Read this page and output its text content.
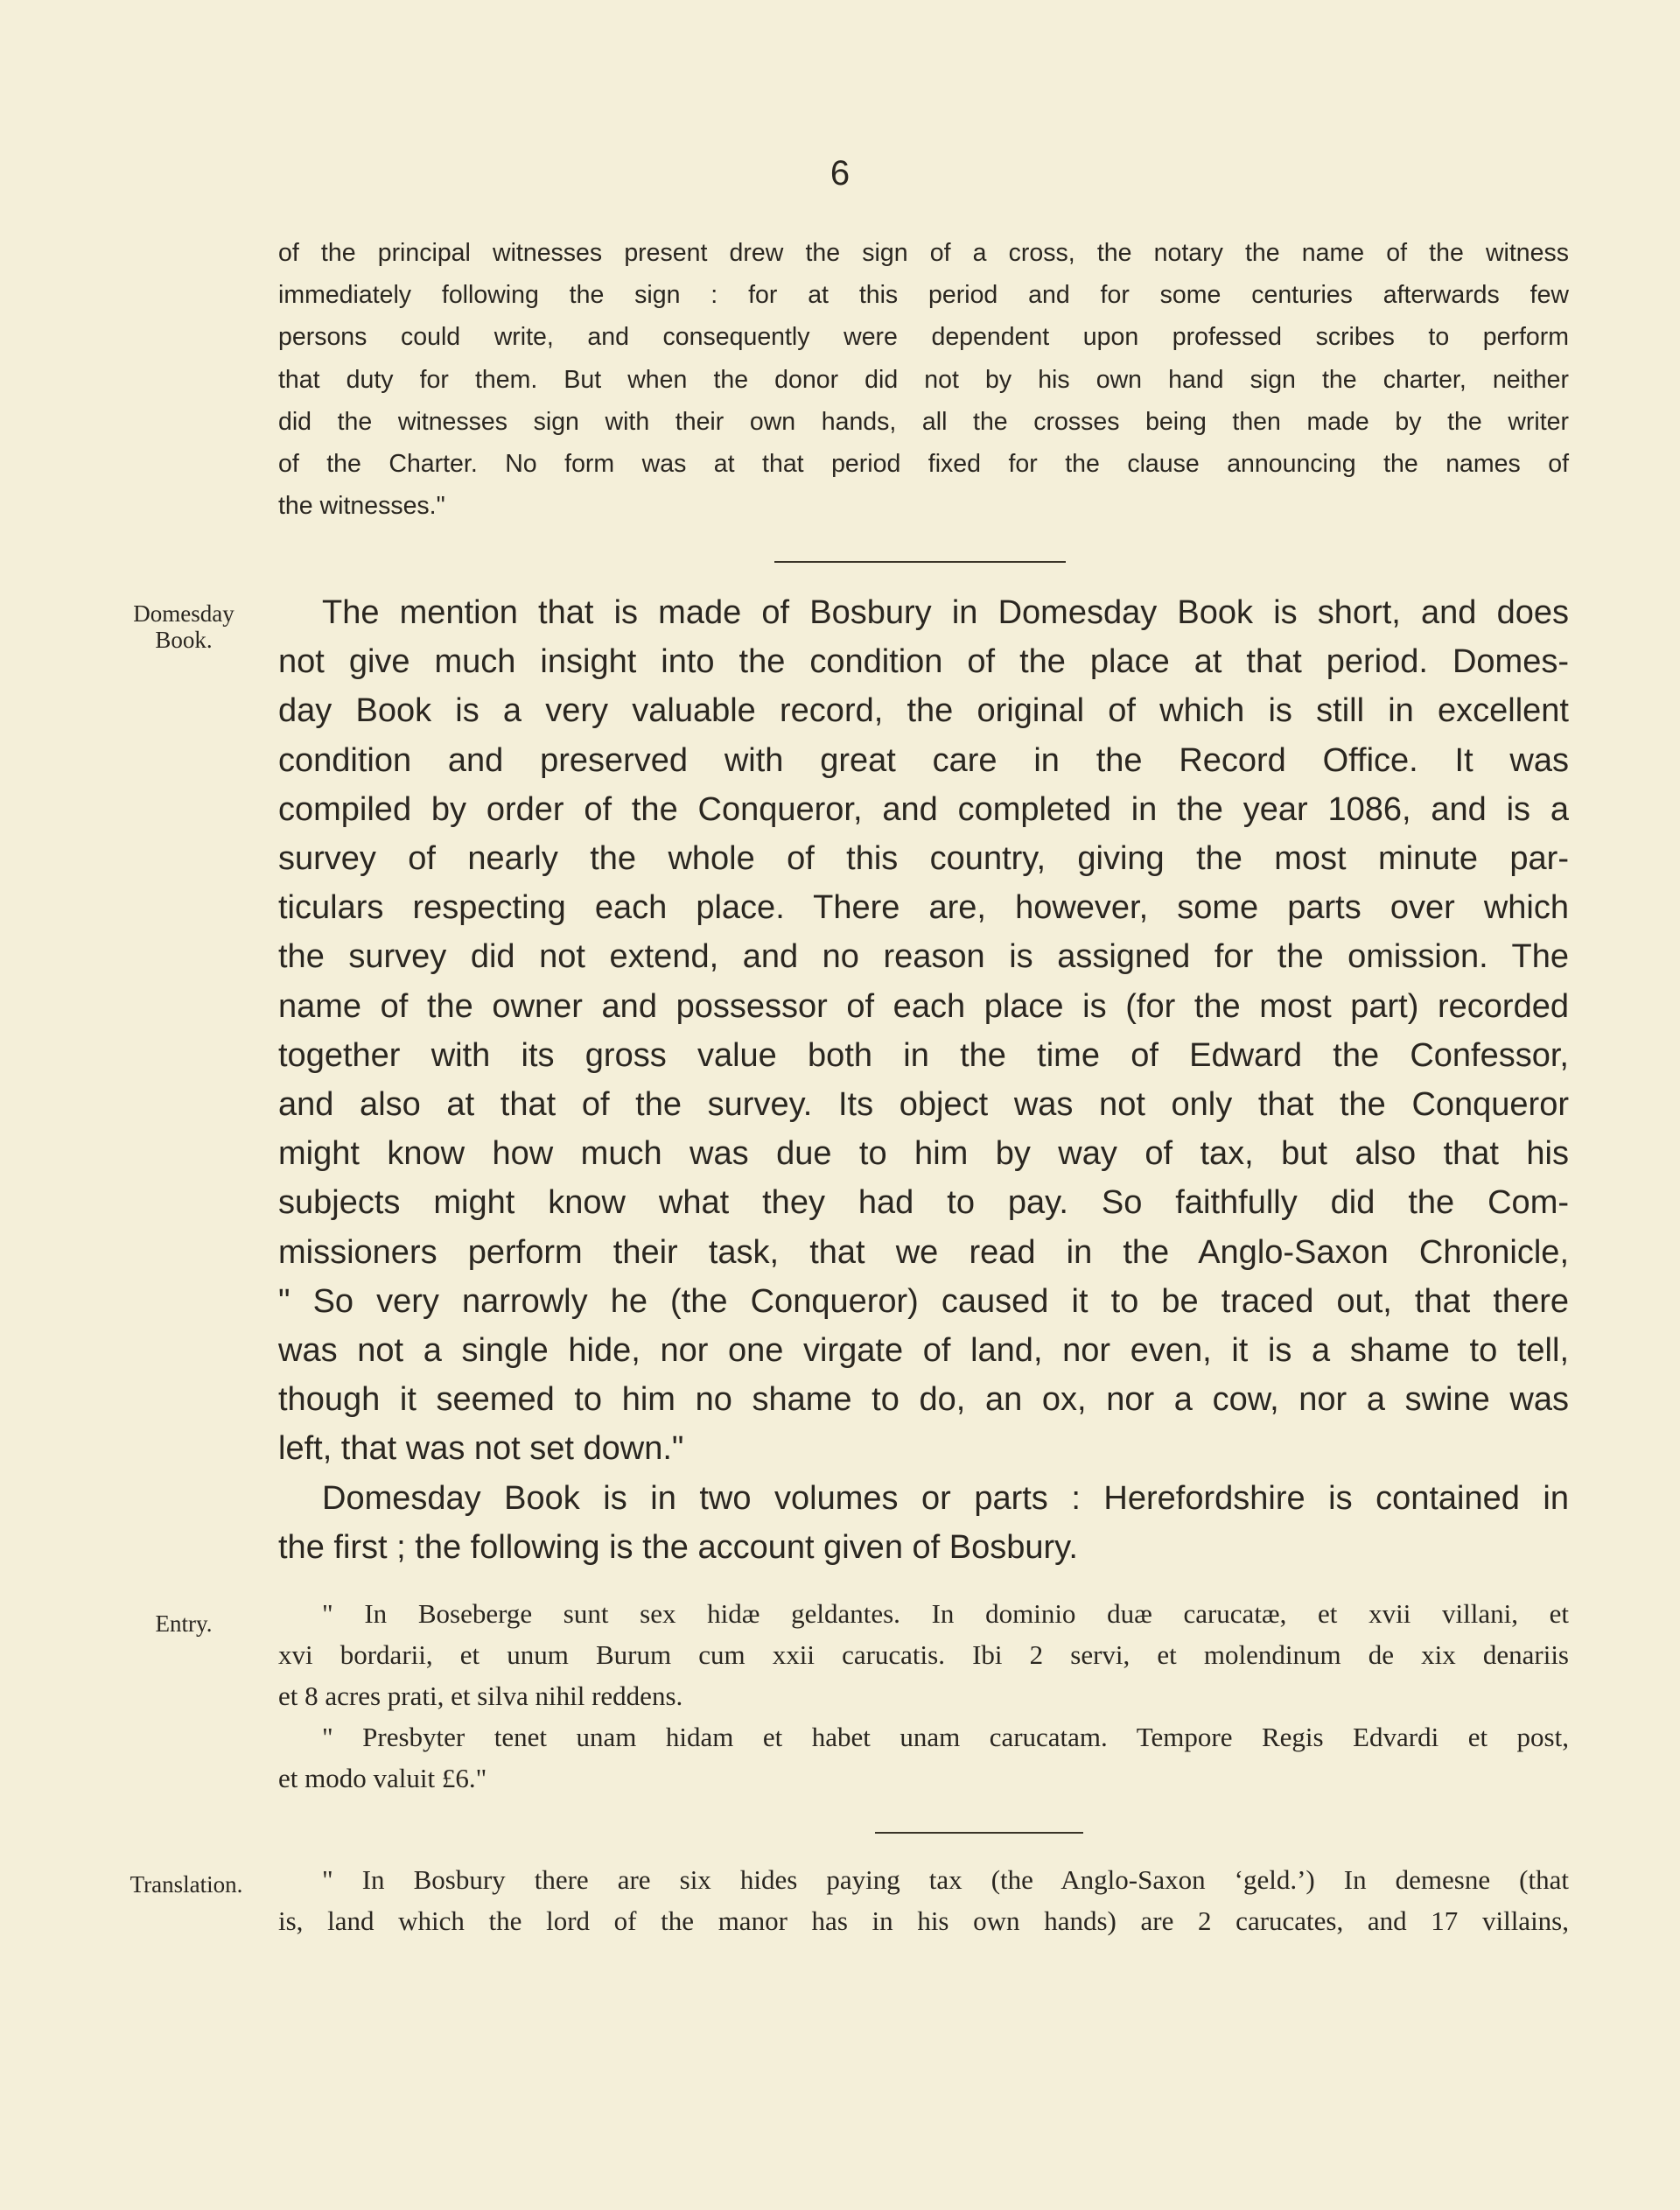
6
of the principal witnesses present drew the sign of a cross, the notary the name of the witness
immediately following the sign : for at this period and for some centuries afterwards few
persons could write, and consequently were dependent upon professed scribes to perform
that duty for them. But when the donor did not by his own hand sign the charter, neither
did the witnesses sign with their own hands, all the crosses being then made by the writer
of the Charter. No form was at that period fixed for the clause announcing the names of
the witnesses."
Domesday
Book.
The mention that is made of Bosbury in Domesday Book is short, and does
not give much insight into the condition of the place at that period. Domes-
day Book is a very valuable record, the original of which is still in excellent
condition and preserved with great care in the Record Office. It was
compiled by order of the Conqueror, and completed in the year 1086, and is a
survey of nearly the whole of this country, giving the most minute par-
ticulars respecting each place. There are, however, some parts over which
the survey did not extend, and no reason is assigned for the omission. The
name of the owner and possessor of each place is (for the most part) recorded
together with its gross value both in the time of Edward the Confessor,
and also at that of the survey. Its object was not only that the Conqueror
might know how much was due to him by way of tax, but also that his
subjects might know what they had to pay. So faithfully did the Com-
missioners perform their task, that we read in the Anglo-Saxon Chronicle,
" So very narrowly he (the Conqueror) caused it to be traced out, that there
was not a single hide, nor one virgate of land, nor even, it is a shame to tell,
though it seemed to him no shame to do, an ox, nor a cow, nor a swine was
left, that was not set down."
Domesday Book is in two volumes or parts : Herefordshire is contained in
the first ; the following is the account given of Bosbury.
Entry.	" In Boseberge sunt sex hidæ geldantes. In dominio duæ carucatæ, et xvii villani, et
xvi bordarii, et unum Burum cum xxii carucatis. Ibi 2 servi, et molendinum de xix denariis
et 8 acres prati, et silva nihil reddens.
" Presbyter tenet unam hidam et habet unam carucatam. Tempore Regis Edvardi et post,
et modo valuit £6."
Translation.	" In Bosbury there are six hides paying tax (the Anglo-Saxon ‘geld.’) In demesne (that
is, land which the lord of the manor has in his own hands) are 2 carucates, and 17 villains,
